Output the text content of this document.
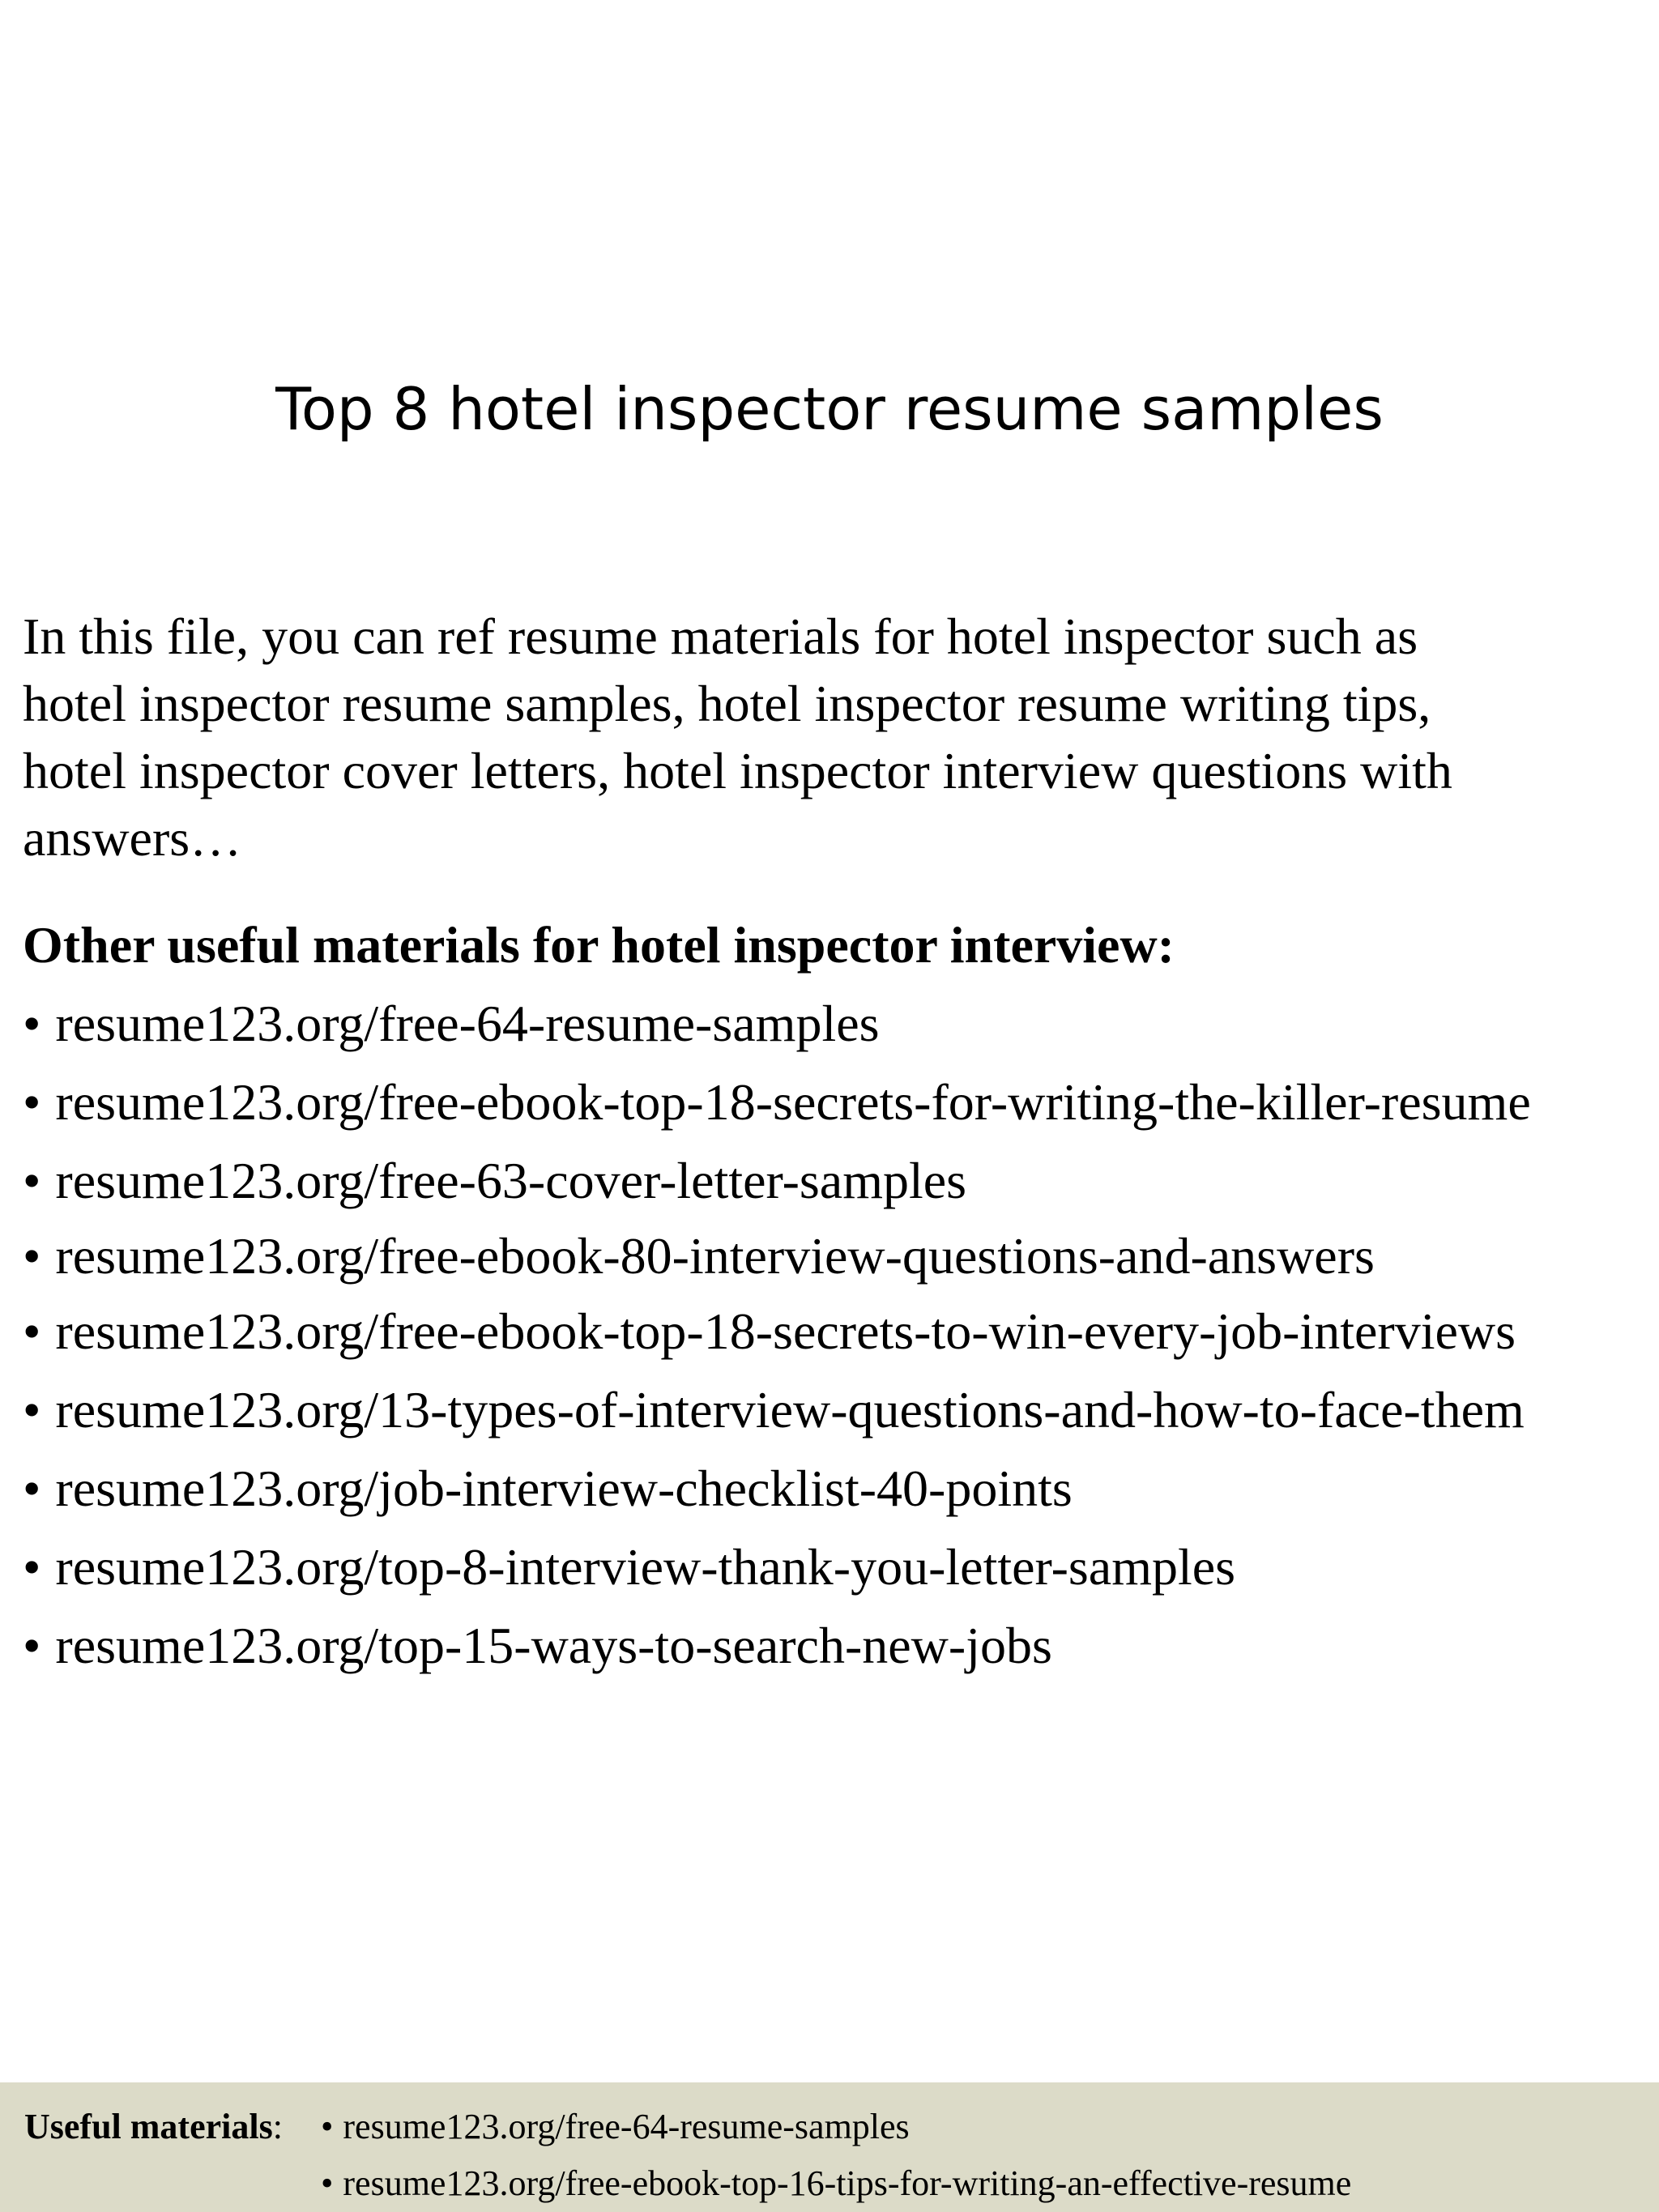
Top 8 hotel inspector resume samples

In this file, you can ref resume materials for hotel inspector such as
hotel inspector resume samples, hotel inspector resume writing tips,
hotel inspector cover letters, hotel inspector interview questions with
answers…

Other useful materials for hotel inspector interview:
• resume123.org/free-64-resume-samples
• resume123.org/free-ebook-top-18-secrets-for-writing-the-killer-resume
• resume123.org/free-63-cover-letter-samples
• resume123.org/free-ebook-80-interview-questions-and-answers
• resume123.org/free-ebook-top-18-secrets-to-win-every-job-interviews
• resume123.org/13-types-of-interview-questions-and-how-to-face-them
• resume123.org/job-interview-checklist-40-points
• resume123.org/top-8-interview-thank-you-letter-samples
• resume123.org/top-15-ways-to-search-new-jobs
Useful materials: • resume123.org/free-64-resume-samples
• resume123.org/free-ebook-top-16-tips-for-writing-an-effective-resume
